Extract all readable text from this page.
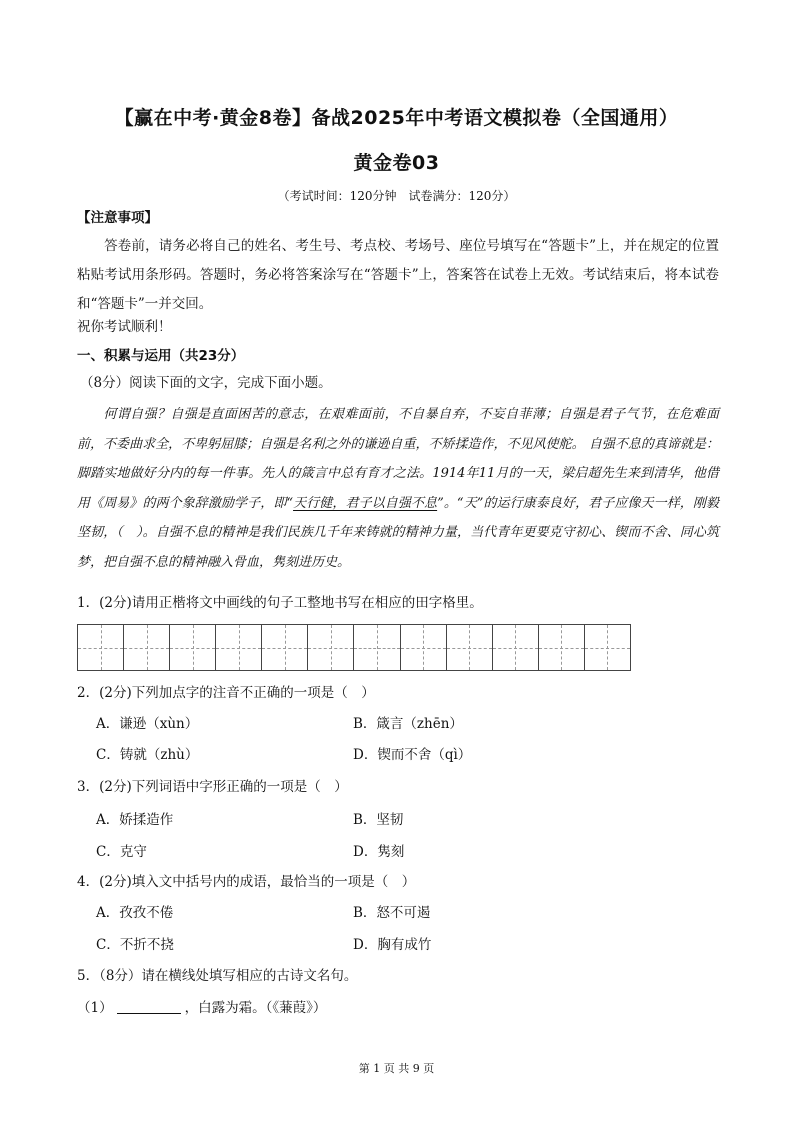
【赢在中考·黄金8卷】备战2025年中考语文模拟卷（全国通用）
黄金卷03
（考试时间：120分钟　试卷满分：120分）
【注意事项】
答卷前，请务必将自己的姓名、考生号、考点校、考场号、座位号填写在“答题卡”上，并在规定的位置粘贴考试用条形码。答题时，务必将答案涂写在“答题卡”上，答案答在试卷上无效。考试结束后，将本试卷和“答题卡”一并交回。
祝你考试顺利！
一、积累与运用（共23分）
（8分）阅读下面的文字，完成下面小题。
何谓自强？自强是直面困苦的意志，在艰难面前，不自暴自弃，不妄自菲薄；自强是君子气节，在危难面前，不委曲求全，不卑躬屈膝；自强是名利之外的谦逊自重，不矫揉造作，不见风使舵。 自强不息的真谛就是：脚踏实地做好分内的每一件事。先人的箴言中总有育才之法。1914年11月的一天，梁启超先生来到清华，他借用《周易》的两个象辞激励学子，即“天行健，君子以自强不息”。“天”的运行康泰良好，君子应像天一样，刚毅坚韧，（　）。自强不息的精神是我们民族几千年来铸就的精神力量，当代青年更要克守初心、锲而不舍、同心筑梦，把自强不息的精神融入骨血，隽刻进历史。
1．(2分)请用正楷将文中画线的句子工整地书写在相应的田字格里。
2．(2分)下列加点字的注音不正确的一项是（　）
A．谦逊（xùn）	B．箴言（zhēn）
C．铸就（zhù）	D．锲而不舍（qì）
3．(2分)下列词语中字形正确的一项是（　）
A．娇揉造作	B．坚韧
C．克守	D．隽刻
4．(2分)填入文中括号内的成语，最恰当的一项是（　）
A．孜孜不倦	B．怒不可遏
C．不折不挠	D．胸有成竹
5．（8分）请在横线处填写相应的古诗文名句。
（1）	，白露为霜。（《蒹葭》）
第 1 页 共 9 页
